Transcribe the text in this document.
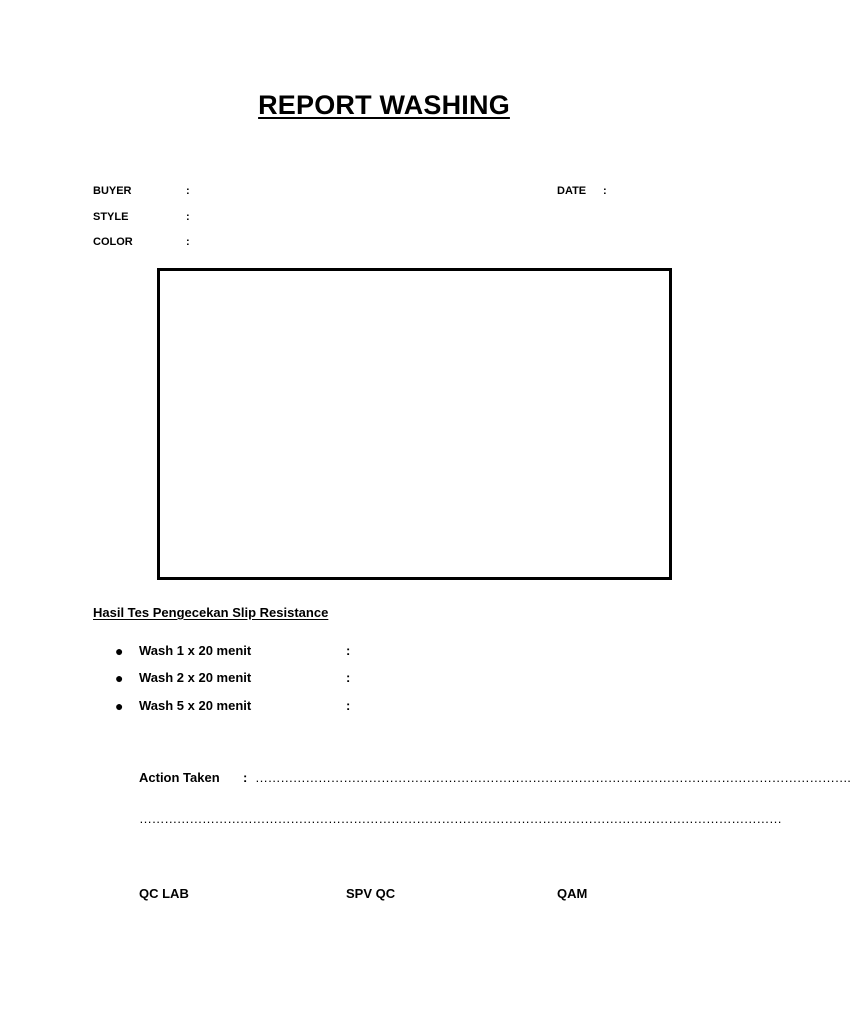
REPORT WASHING
BUYER	:
STYLE	:
COLOR	:
DATE :
Hasil Tes Pengecekan Slip Resistance
● Wash 1 x 20 menit	:
● Wash 2 x 20 menit	:
● Wash 5 x 20 menit	:
Action Taken : …………………………………………………………………………………………………………………………….
………………………………………………………………………………………………………………………………………
QC LAB	SPV QC	QAM
